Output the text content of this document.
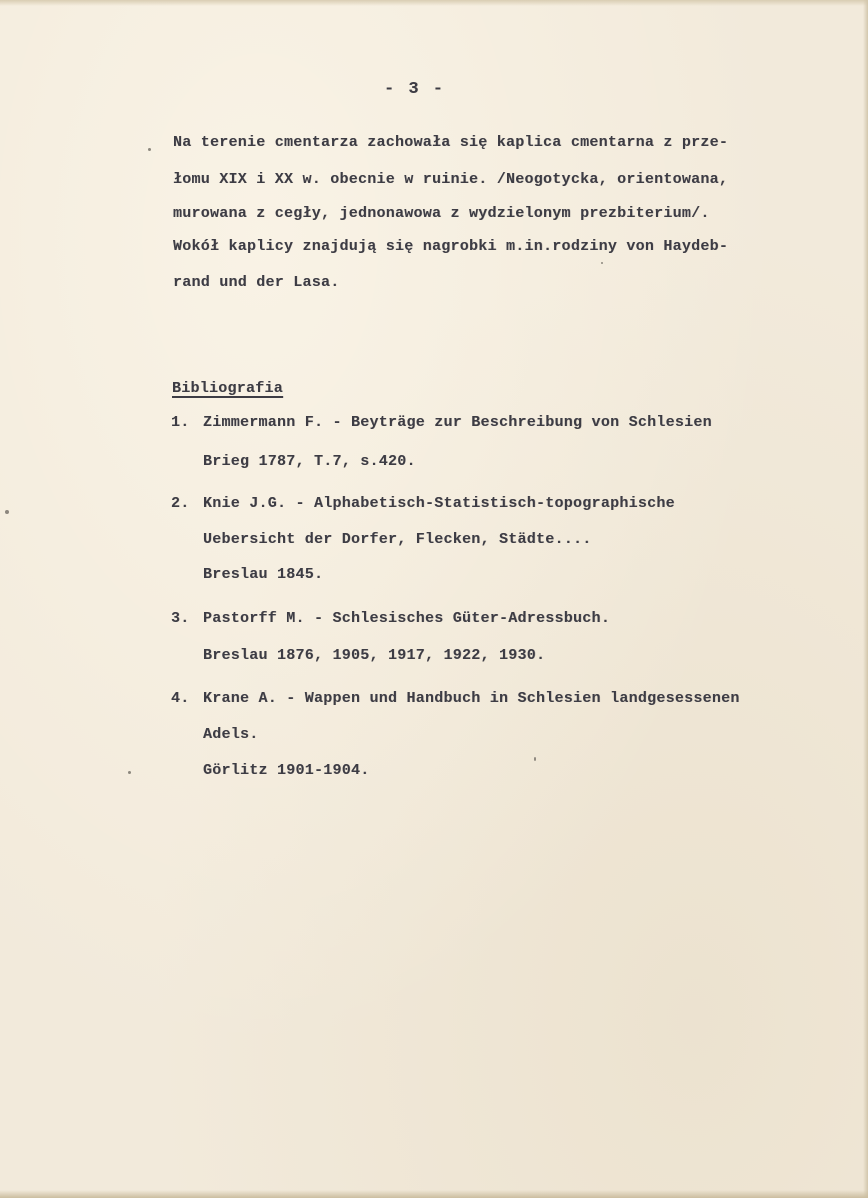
- 3 -
Na terenie cmentarza zachowała się kaplica cmentarna z prze-
łomu XIX i XX w. obecnie w ruinie. /Neogotycka, orientowana,
murowana z cegły, jednonawowa z wydzielonym prezbiterium/.
Wokół kaplicy znajdują się nagrobki m.in.rodziny von Haydeb-
rand und der Lasa.
Bibliografia
1. Zimmermann F. - Beyträge zur Beschreibung von Schlesien
Brieg 1787, T.7, s.420.
2. Knie J.G. - Alphabetisch-Statistisch-topographische
Uebersicht der Dorfer, Flecken, Städte....
Breslau 1845.
3. Pastorff M. - Schlesisches Güter-Adressbuch.
Breslau 1876, 1905, 1917, 1922, 1930.
4. Krane A. - Wappen und Handbuch in Schlesien landgesessenen
Adels.
Görlitz 1901-1904.
